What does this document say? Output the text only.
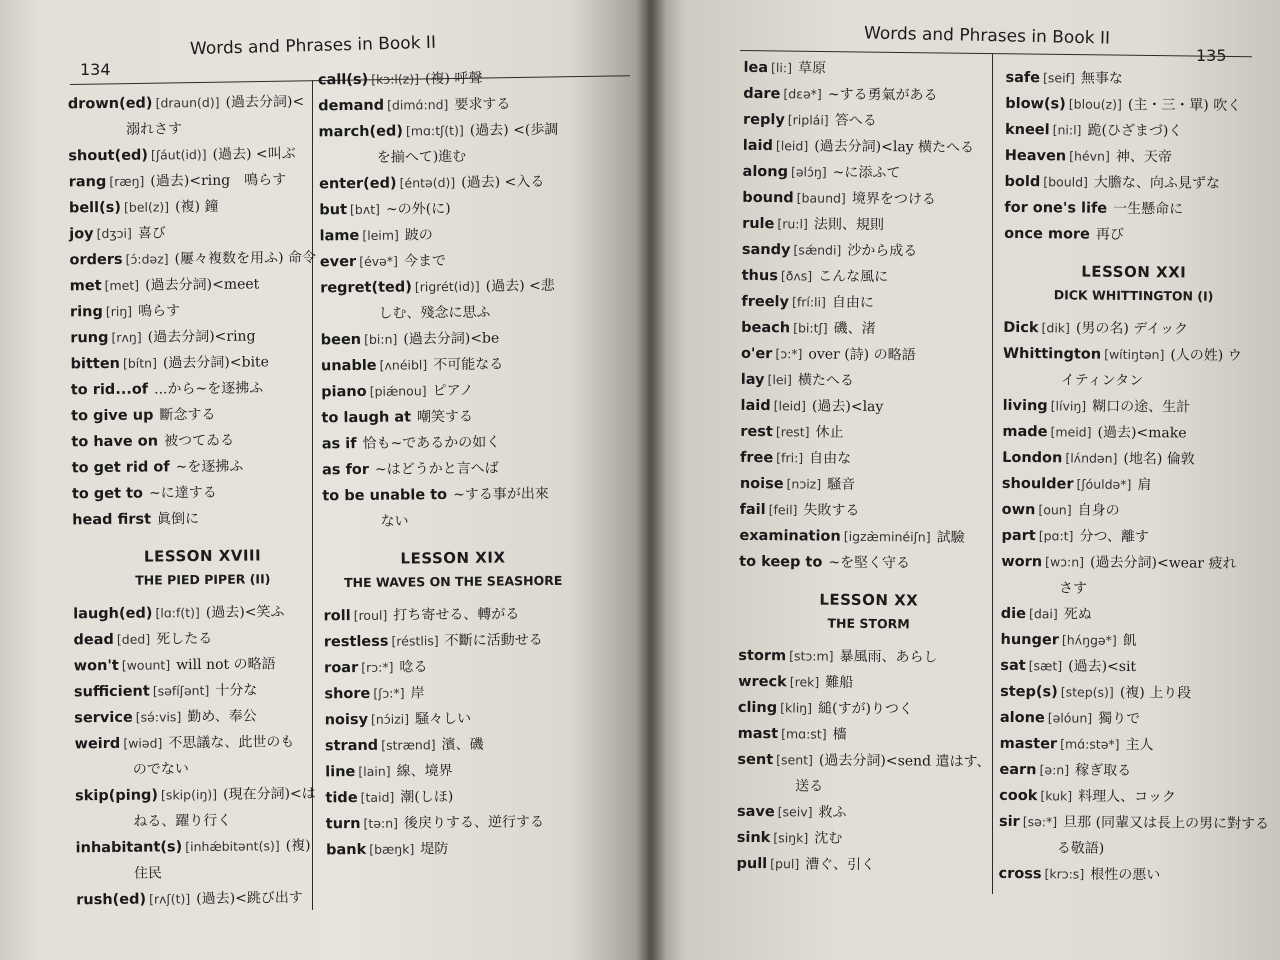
134
Words and Phrases in Book II
drown(ed) [draun(d)] (過去分詞)<
溺れさす
shout(ed) [ʃáut(id)] (過去) <叫ぶ
rang [ræŋ] (過去)<ring　鳴らす
bell(s) [bel(z)] (複) 鐘
joy [dʒɔi] 喜び
orders [ɔ́:dəz] (屢々複数を用ふ) 命令
met [met] (過去分詞)<meet
ring [riŋ] 鳴らす
rung [rʌŋ] (過去分詞)<ring
bitten [bítn] (過去分詞)<bite
to rid...of ...から~を逐拂ふ
to give up 斷念する
to have on 被つてゐる
to get rid of ~を逐拂ふ
to get to ~に達する
head first 眞倒に
LESSON XVIII
THE PIED PIPER (II)
laugh(ed) [lɑ:f(t)] (過去)<笑ふ
dead [ded] 死したる
won't [wount] will not の略語
sufficient [səfíʃənt] 十分な
service [sə́:vis] 勤め、奉公
weird [wiəd] 不思議な、此世のも
のでない
skip(ping) [skip(iŋ)] (現在分詞)<は
ねる、躍り行く
inhabitant(s) [inhǽbitənt(s)] (複)
住民
rush(ed) [rʌʃ(t)] (過去)<跳び出す
call(s) [kɔ:l(z)] (複) 呼聲
demand [dimɑ́:nd] 要求する
march(ed) [mɑ:tʃ(t)] (過去) <(歩調
を揃へて)進む
enter(ed) [éntə(d)] (過去) <入る
but [bʌt] ~の外(に)
lame [leim] 跛の
ever [évə*] 今まで
regret(ted) [rigrét(id)] (過去) <悲
しむ、殘念に思ふ
been [bi:n] (過去分詞)<be
unable [ʌnéibl] 不可能なる
piano [piǽnou] ピアノ
to laugh at 嘲笑する
as if 恰も~であるかの如く
as for ~はどうかと言へば
to be unable to ~する事が出來
ない
LESSON XIX
THE WAVES ON THE SEASHORE
roll [roul] 打ち寄せる、轉がる
restless [réstlis] 不斷に活動せる
roar [rɔ:*] 唸る
shore [ʃɔ:*] 岸
noisy [nɔ́izi] 騒々しい
strand [strænd] 濱、磯
line [lain] 線、境界
tide [taid] 潮(しほ)
turn [tə:n] 後戻りする、逆行する
bank [bæŋk] 堤防
Words and Phrases in Book II
135
lea [li:] 草原
dare [dɛə*] ~する勇氣がある
reply [riplái] 答へる
laid [leid] (過去分詞)<lay 横たへる
along [əlɔ́ŋ] ~に添ふて
bound [baund] 境界をつける
rule [ru:l] 法則、規則
sandy [sǽndi] 沙から成る
thus [ðʌs] こんな風に
freely [frí:li] 自由に
beach [bi:tʃ] 磯、渚
o'er [ɔ:*] over (詩) の略語
lay [lei] 横たへる
laid [leid] (過去)<lay
rest [rest] 休止
free [fri:] 自由な
noise [nɔiz] 騒音
fail [feil] 失敗する
examination [igzæ̀minéiʃn] 試驗
to keep to ~を堅く守る
LESSON XX
THE STORM
storm [stɔ:m] 暴風雨、あらし
wreck [rek] 難船
cling [kliŋ] 縋(すが)りつく
mast [mɑ:st] 檣
sent [sent] (過去分詞)<send 遣はす、
送る
save [seiv] 救ふ
sink [siŋk] 沈む
pull [pul] 漕ぐ、引く
safe [seif] 無事な
blow(s) [blou(z)] (主・三・單) 吹く
kneel [ni:l] 跪(ひざまづ)く
Heaven [hévn] 神、天帝
bold [bould] 大膽な、向ふ見ずな
for one's life 一生懸命に
once more 再び
LESSON XXI
DICK WHITTINGTON (I)
Dick [dik] (男の名) デイック
Whittington [wítiŋtən] (人の姓) ウ
イティンタン
living [líviŋ] 糊口の途、生計
made [meid] (過去)<make
London [lʌ́ndən] (地名) 倫敦
shoulder [ʃóuldə*] 肩
own [oun] 自身の
part [pɑ:t] 分つ、離す
worn [wɔ:n] (過去分詞)<wear 疲れ
さす
die [dai] 死ぬ
hunger [hʌ́ŋgə*] 飢
sat [sæt] (過去)<sit
step(s) [step(s)] (複) 上り段
alone [əlóun] 獨りで
master [mɑ́:stə*] 主人
earn [ə:n] 稼ぎ取る
cook [kuk] 料理人、コック
sir [sə:*] 旦那 (同輩又は長上の男に對する
る敬語)
cross [krɔ:s] 根性の悪い
